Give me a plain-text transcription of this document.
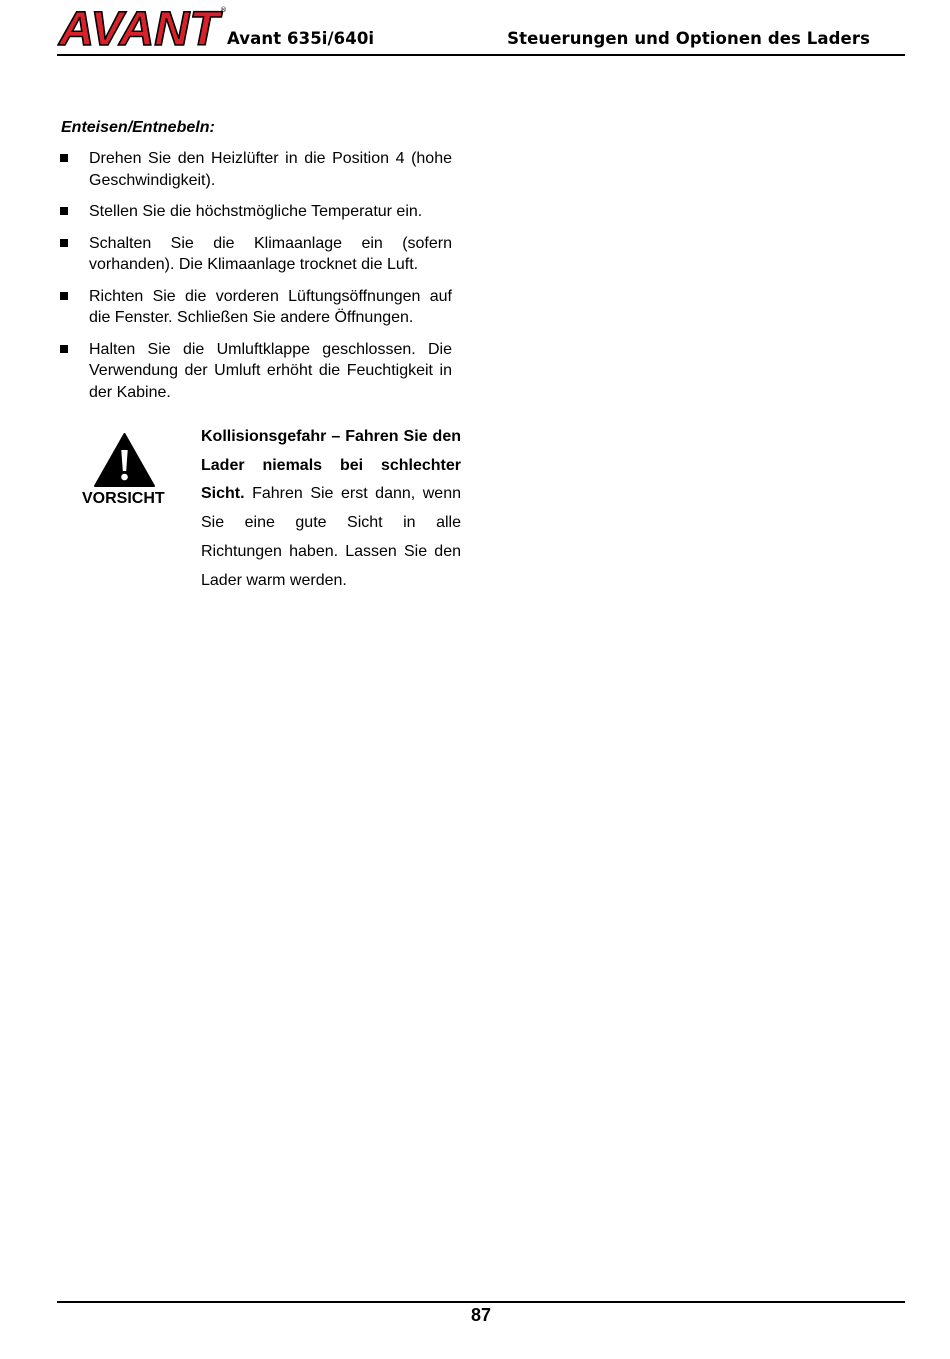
AVANT
®
Avant 635i/640i	Steuerungen und Optionen des Laders
Enteisen/Entnebeln:
Drehen Sie den Heizlüfter in die Position 4 (hohe Geschwindigkeit).
Stellen Sie die höchstmögliche Temperatur ein.
Schalten Sie die Klimaanlage ein (sofern vorhanden). Die Klimaanlage trocknet die Luft.
Richten Sie die vorderen Lüftungsöffnungen auf die Fenster. Schließen Sie andere Öffnungen.
Halten Sie die Umluftklappe geschlossen. Die Verwendung der Umluft erhöht die Feuchtigkeit in der Kabine.
VORSICHT
Kollisionsgefahr – Fahren Sie den Lader niemals bei schlechter Sicht. Fahren Sie erst dann, wenn Sie eine gute Sicht in alle Richtungen haben. Lassen Sie den Lader warm werden.
87
